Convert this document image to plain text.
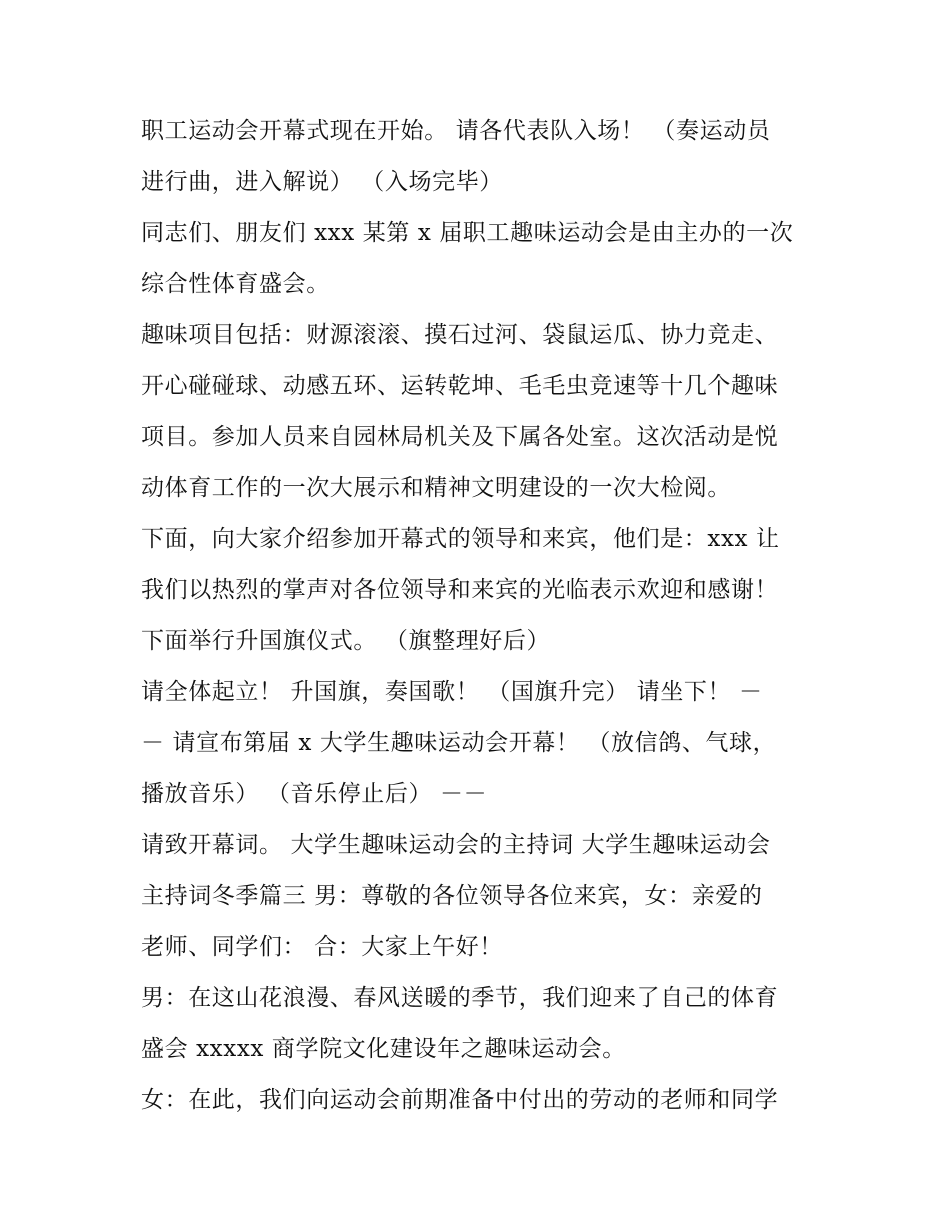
职工运动会开幕式现在开始。 请各代表队入场！ （奏运动员
进行曲，进入解说） （入场完毕）
同志们、朋友们 xxx 某第 x 届职工趣味运动会是由主办的一次
综合性体育盛会。
趣味项目包括：财源滚滚、摸石过河、袋鼠运瓜、协力竞走、
开心碰碰球、动感五环、运转乾坤、毛毛虫竞速等十几个趣味
项目。参加人员来自园林局机关及下属各处室。这次活动是悦
动体育工作的一次大展示和精神文明建设的一次大检阅。
下面，向大家介绍参加开幕式的领导和来宾，他们是：xxx 让
我们以热烈的掌声对各位领导和来宾的光临表示欢迎和感谢！
下面举行升国旗仪式。 （旗整理好后）
请全体起立！ 升国旗，奏国歌！ （国旗升完） 请坐下！ －
－ 请宣布第届 x 大学生趣味运动会开幕！ （放信鸽、气球，
播放音乐） （音乐停止后） －－
请致开幕词。 大学生趣味运动会的主持词 大学生趣味运动会
主持词冬季篇三 男：尊敬的各位领导各位来宾，女：亲爱的
老师、同学们： 合：大家上午好！
男：在这山花浪漫、春风送暖的季节，我们迎来了自己的体育
盛会 xxxxx 商学院文化建设年之趣味运动会。
女：在此，我们向运动会前期准备中付出的劳动的老师和同学
